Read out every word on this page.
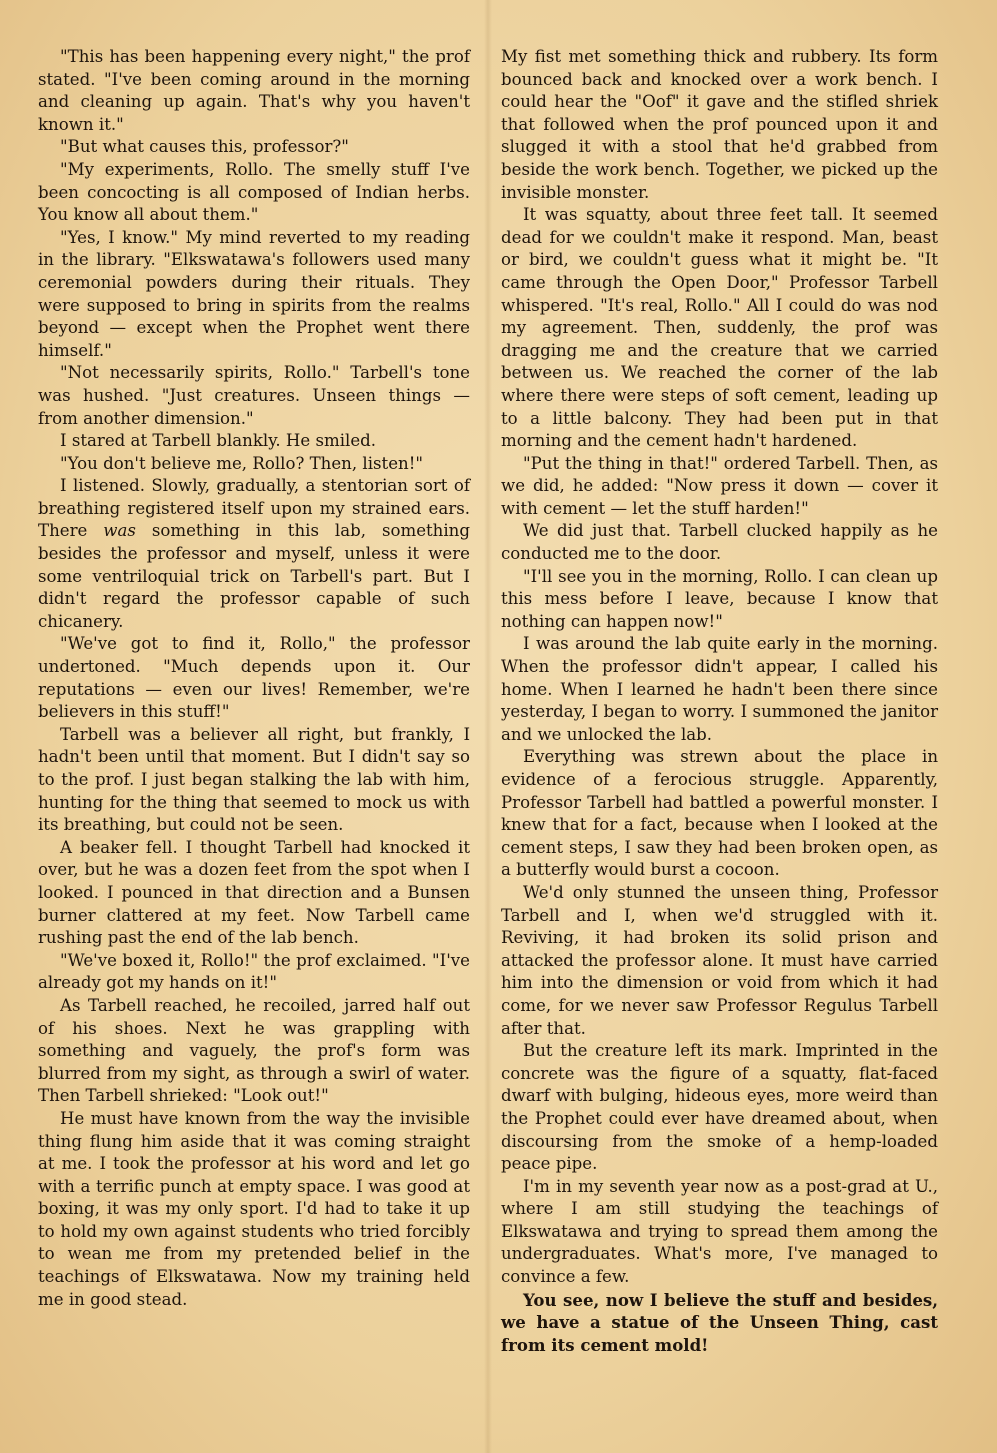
"This has been happening every night," the prof stated. "I've been coming around in the morning and cleaning up again. That's why you haven't known it."

"But what causes this, professor?"

"My experiments, Rollo. The smelly stuff I've been concocting is all composed of Indian herbs. You know all about them."

"Yes, I know." My mind reverted to my reading in the library. "Elkswatawa's followers used many ceremonial powders during their rituals. They were supposed to bring in spirits from the realms beyond — except when the Prophet went there himself."

"Not necessarily spirits, Rollo." Tarbell's tone was hushed. "Just creatures. Unseen things — from another dimension."

I stared at Tarbell blankly. He smiled.

"You don't believe me, Rollo? Then, listen!"

I listened. Slowly, gradually, a stentorian sort of breathing registered itself upon my strained ears. There was something in this lab, something besides the professor and myself, unless it were some ventriloquial trick on Tarbell's part. But I didn't regard the professor capable of such chicanery.

"We've got to find it, Rollo," the professor undertoned. "Much depends upon it. Our reputations — even our lives! Remember, we're believers in this stuff!"

Tarbell was a believer all right, but frankly, I hadn't been until that moment. But I didn't say so to the prof. I just began stalking the lab with him, hunting for the thing that seemed to mock us with its breathing, but could not be seen.

A beaker fell. I thought Tarbell had knocked it over, but he was a dozen feet from the spot when I looked. I pounced in that direction and a Bunsen burner clattered at my feet. Now Tarbell came rushing past the end of the lab bench.

"We've boxed it, Rollo!" the prof exclaimed. "I've already got my hands on it!"

As Tarbell reached, he recoiled, jarred half out of his shoes. Next he was grappling with something and vaguely, the prof's form was blurred from my sight, as through a swirl of water. Then Tarbell shrieked: "Look out!"

He must have known from the way the invisible thing flung him aside that it was coming straight at me. I took the professor at his word and let go with a terrific punch at empty space. I was good at boxing, it was my only sport. I'd had to take it up to hold my own against students who tried forcibly to wean me from my pretended belief in the teachings of Elkswatawa. Now my training held me in good stead.

My fist met something thick and rubbery. Its form bounced back and knocked over a work bench. I could hear the "Oof" it gave and the stifled shriek that followed when the prof pounced upon it and slugged it with a stool that he'd grabbed from beside the work bench. Together, we picked up the invisible monster.

It was squatty, about three feet tall. It seemed dead for we couldn't make it respond. Man, beast or bird, we couldn't guess what it might be. "It came through the Open Door," Professor Tarbell whispered. "It's real, Rollo." All I could do was nod my agreement. Then, suddenly, the prof was dragging me and the creature that we carried between us. We reached the corner of the lab where there were steps of soft cement, leading up to a little balcony. They had been put in that morning and the cement hadn't hardened.

"Put the thing in that!" ordered Tarbell. Then, as we did, he added: "Now press it down — cover it with cement — let the stuff harden!"

We did just that. Tarbell clucked happily as he conducted me to the door.

"I'll see you in the morning, Rollo. I can clean up this mess before I leave, because I know that nothing can happen now!"

I was around the lab quite early in the morning. When the professor didn't appear, I called his home. When I learned he hadn't been there since yesterday, I began to worry. I summoned the janitor and we unlocked the lab.

Everything was strewn about the place in evidence of a ferocious struggle. Apparently, Professor Tarbell had battled a powerful monster. I knew that for a fact, because when I looked at the cement steps, I saw they had been broken open, as a butterfly would burst a cocoon.

We'd only stunned the unseen thing, Professor Tarbell and I, when we'd struggled with it. Reviving, it had broken its solid prison and attacked the professor alone. It must have carried him into the dimension or void from which it had come, for we never saw Professor Regulus Tarbell after that.

But the creature left its mark. Imprinted in the concrete was the figure of a squatty, flat-faced dwarf with bulging, hideous eyes, more weird than the Prophet could ever have dreamed about, when discoursing from the smoke of a hemp-loaded peace pipe.

I'm in my seventh year now as a post-grad at U., where I am still studying the teachings of Elkswatawa and trying to spread them among the undergraduates. What's more, I've managed to convince a few.

You see, now I believe the stuff and besides, we have a statue of the Unseen Thing, cast from its cement mold!
